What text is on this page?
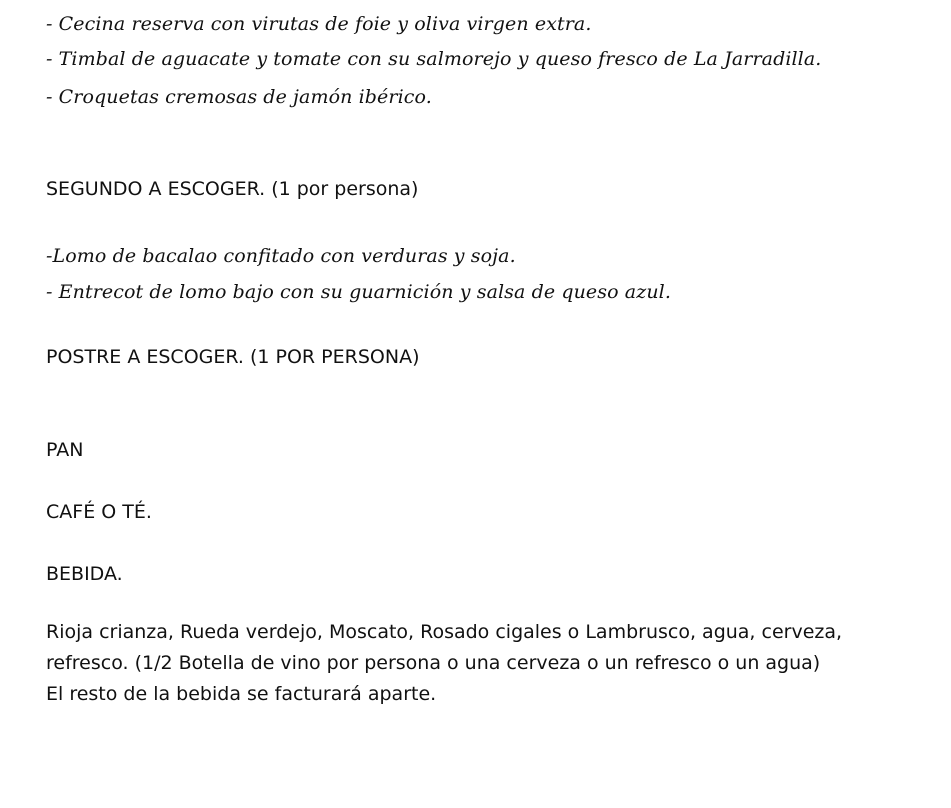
- Cecina reserva con virutas de foie y oliva virgen extra.
- Timbal de aguacate y tomate con su salmorejo y queso fresco de La Jarradilla.
- Croquetas cremosas de jamón ibérico.
SEGUNDO A ESCOGER. (1 por persona)
-Lomo de bacalao confitado con verduras y soja.
- Entrecot de lomo bajo con su guarnición y salsa de queso azul.
POSTRE A ESCOGER. (1 POR PERSONA)
PAN
CAFÉ O TÉ.
BEBIDA.
Rioja crianza, Rueda verdejo, Moscato, Rosado cigales o Lambrusco, agua, cerveza,
refresco. (1/2 Botella de vino por persona o una cerveza o un refresco o un agua)
El resto de la bebida se facturará aparte.
